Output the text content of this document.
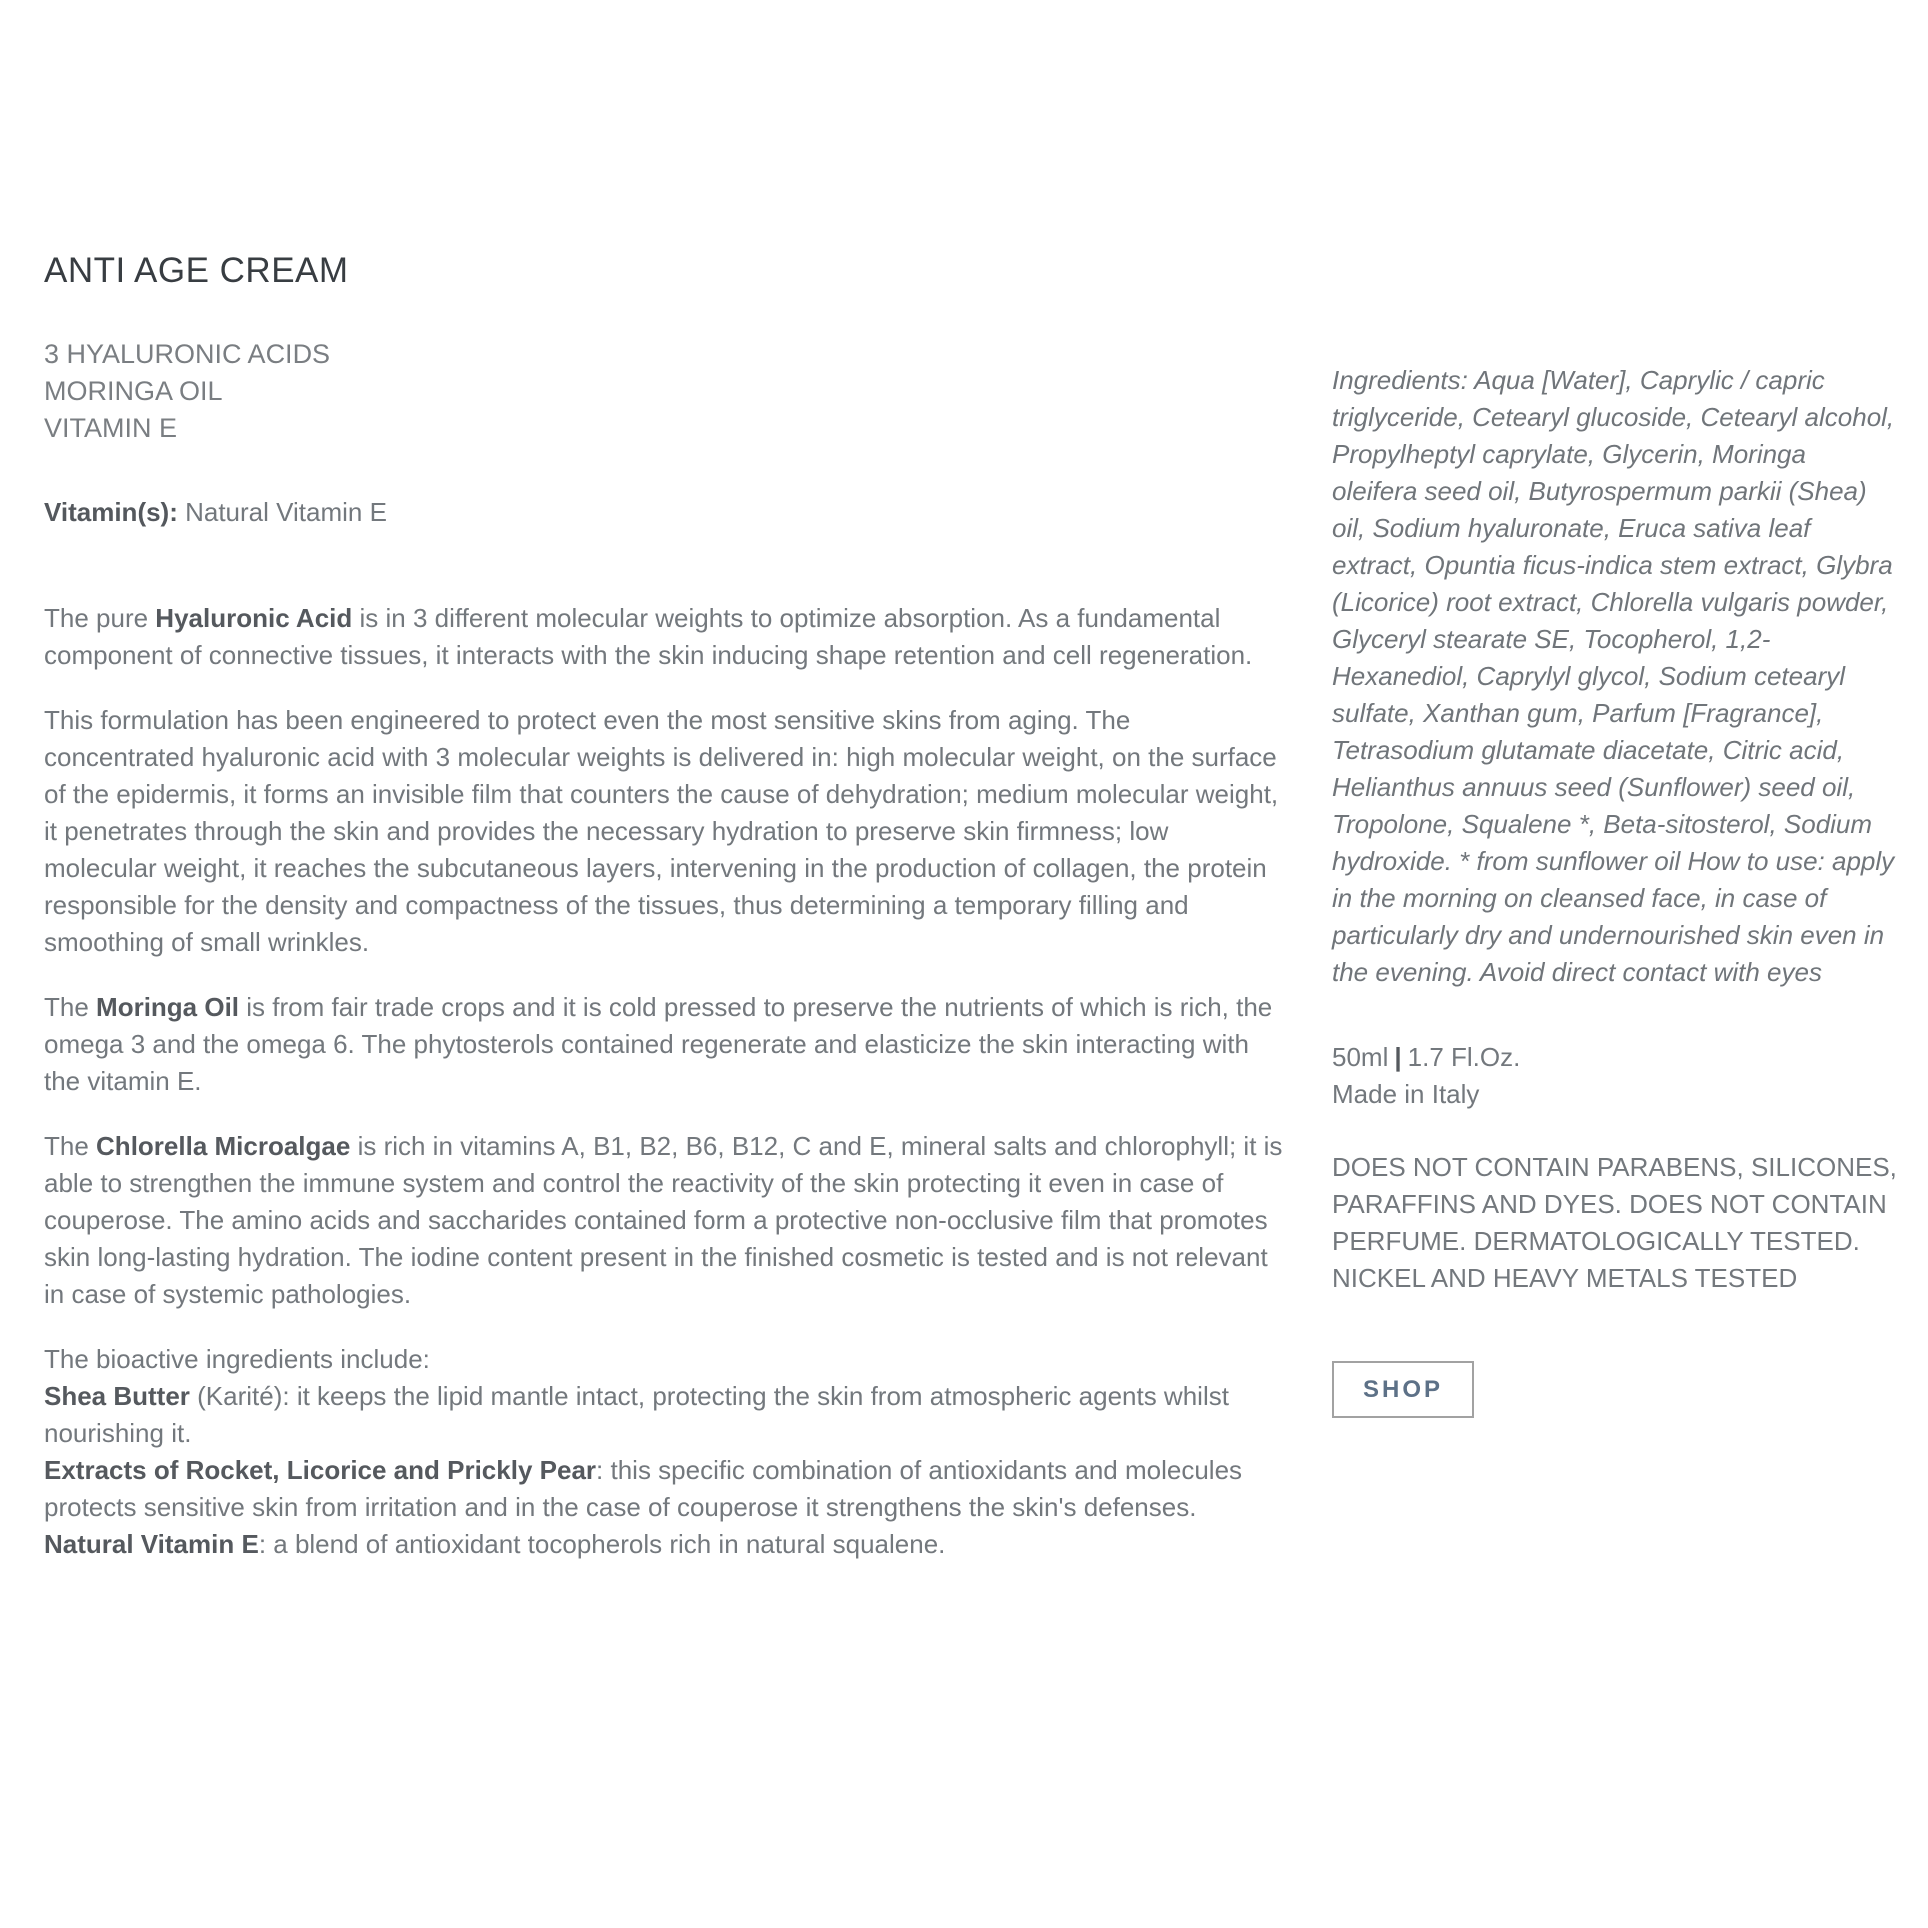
ANTI AGE CREAM
3 HYALURONIC ACIDS
MORINGA OIL
VITAMIN E
Vitamin(s): Natural Vitamin E

The pure Hyaluronic Acid is in 3 different molecular weights to optimize absorption. As a fundamental component of connective tissues, it interacts with the skin inducing shape retention and cell regeneration.

This formulation has been engineered to protect even the most sensitive skins from aging. The concentrated hyaluronic acid with 3 molecular weights is delivered in: high molecular weight, on the surface of the epidermis, it forms an invisible film that counters the cause of dehydration; medium molecular weight, it penetrates through the skin and provides the necessary hydration to preserve skin firmness; low molecular weight, it reaches the subcutaneous layers, intervening in the production of collagen, the protein responsible for the density and compactness of the tissues, thus determining a temporary filling and smoothing of small wrinkles.

The Moringa Oil is from fair trade crops and it is cold pressed to preserve the nutrients of which is rich, the omega 3 and the omega 6. The phytosterols contained regenerate and elasticize the skin interacting with the vitamin E.

The Chlorella Microalgae is rich in vitamins A, B1, B2, B6, B12, C and E, mineral salts and chlorophyll; it is able to strengthen the immune system and control the reactivity of the skin protecting it even in case of couperose. The amino acids and saccharides contained form a protective non-occlusive film that promotes skin long-lasting hydration. The iodine content present in the finished cosmetic is tested and is not relevant in case of systemic pathologies.

The bioactive ingredients include:
Shea Butter (Karité): it keeps the lipid mantle intact, protecting the skin from atmospheric agents whilst nourishing it.
Extracts of Rocket, Licorice and Prickly Pear: this specific combination of antioxidants and molecules protects sensitive skin from irritation and in the case of couperose it strengthens the skin's defenses.
Natural Vitamin E: a blend of antioxidant tocopherols rich in natural squalene.

Ingredients: Aqua [Water], Caprylic / capric triglyceride, Cetearyl glucoside, Cetearyl alcohol, Propylheptyl caprylate, Glycerin, Moringa oleifera seed oil, Butyrospermum parkii (Shea) oil, Sodium hyaluronate, Eruca sativa leaf extract, Opuntia ficus-indica stem extract, Glybra (Licorice) root extract, Chlorella vulgaris powder, Glyceryl stearate SE, Tocopherol, 1,2-Hexanediol, Caprylyl glycol, Sodium cetearyl sulfate, Xanthan gum, Parfum [Fragrance], Tetrasodium glutamate diacetate, Citric acid, Helianthus annuus seed (Sunflower) seed oil, Tropolone, Squalene *, Beta-sitosterol, Sodium hydroxide. * from sunflower oil How to use: apply in the morning on cleansed face, in case of particularly dry and undernourished skin even in the evening. Avoid direct contact with eyes

50ml | 1.7 Fl.Oz.
Made in Italy
DOES NOT CONTAIN PARABENS, SILICONES, PARAFFINS AND DYES. DOES NOT CONTAIN PERFUME. DERMATOLOGICALLY TESTED. NICKEL AND HEAVY METALS TESTED
SHOP
